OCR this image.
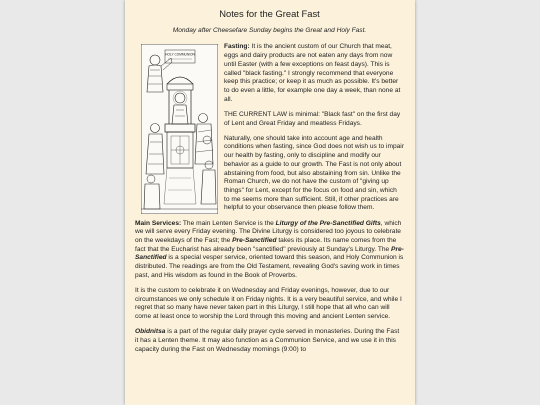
Notes for the Great Fast
Monday after Cheesefare Sunday begins the Great and Holy Fast.
HOLY COMMUNION

Fasting: It is the ancient custom of our Church that meat, eggs and dairy products are not eaten any days from now until Easter (with a few exceptions on feast days). This is called "black fasting." I strongly recommend that everyone keep this practice; or keep it as much as possible. It's better to do even a little, for example one day a week, than none at all.

THE CURRENT LAW is minimal: "Black fast" on the first day of Lent and Great Friday and meatless Fridays.

Naturally, one should take into account age and health conditions when fasting, since God does not wish us to impair our health by fasting, only to discipline and modify our behavior as a guide to our growth. The Fast is not only about abstaining from food, but also abstaining from sin. Unlike the Roman Church, we do not have the custom of "giving up things" for Lent, except for the focus on food and sin, which to me seems more than sufficient. Still, if other practices are helpful to your observance then please follow them.

Main Services: The main Lenten Service is the Liturgy of the Pre-Sanctified Gifts, which we will serve every Friday evening. The Divine Liturgy is considered too joyous to celebrate on the weekdays of the Fast; the Pre-Sanctified takes its place. Its name comes from the fact that the Eucharist has already been "sanctified" previously at Sunday's Liturgy. The Pre-Sanctified is a special vesper service, oriented toward this season, and Holy Communion is distributed. The readings are from the Old Testament, revealing God's saving work in times past, and His wisdom as found in the Book of Proverbs.

It is the custom to celebrate it on Wednesday and Friday evenings, however, due to our circumstances we only schedule it on Friday nights. It is a very beautiful service, and while I regret that so many have never taken part in this Liturgy, I still hope that all who can will come at least once to worship the Lord through this moving and ancient Lenten service.

Obidnitsa is a part of the regular daily prayer cycle served in monasteries. During the Fast it has a Lenten theme. It may also function as a Communion Service, and we use it in this capacity during the Fast on Wednesday mornings (9:00) to
